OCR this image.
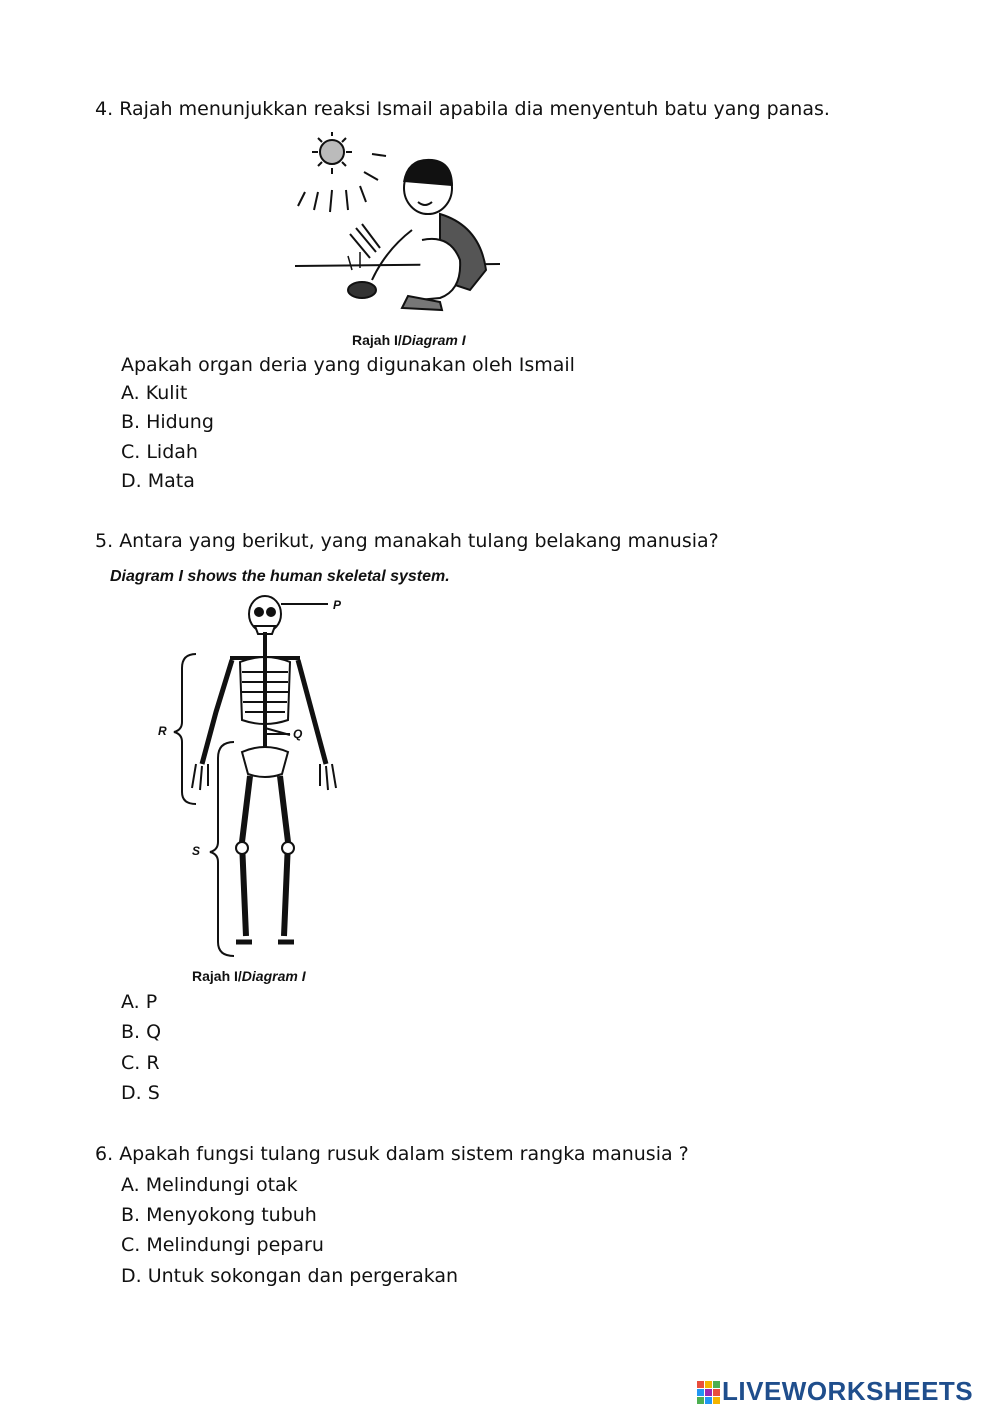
4. Rajah menunjukkan reaksi Ismail apabila dia menyentuh batu yang panas.
Rajah I/Diagram I
Apakah organ deria yang digunakan oleh Ismail
A. Kulit
B. Hidung
C. Lidah
D. Mata
5. Antara yang berikut, yang manakah tulang belakang manusia?
Diagram I shows the human skeletal system.
P
Q
R
S
Rajah I/Diagram I
A. P
B. Q
C. R
D. S
6. Apakah fungsi tulang rusuk dalam sistem rangka manusia ?
A. Melindungi otak
B. Menyokong tubuh
C. Melindungi peparu
D. Untuk sokongan dan pergerakan
LIVEWORKSHEETS
